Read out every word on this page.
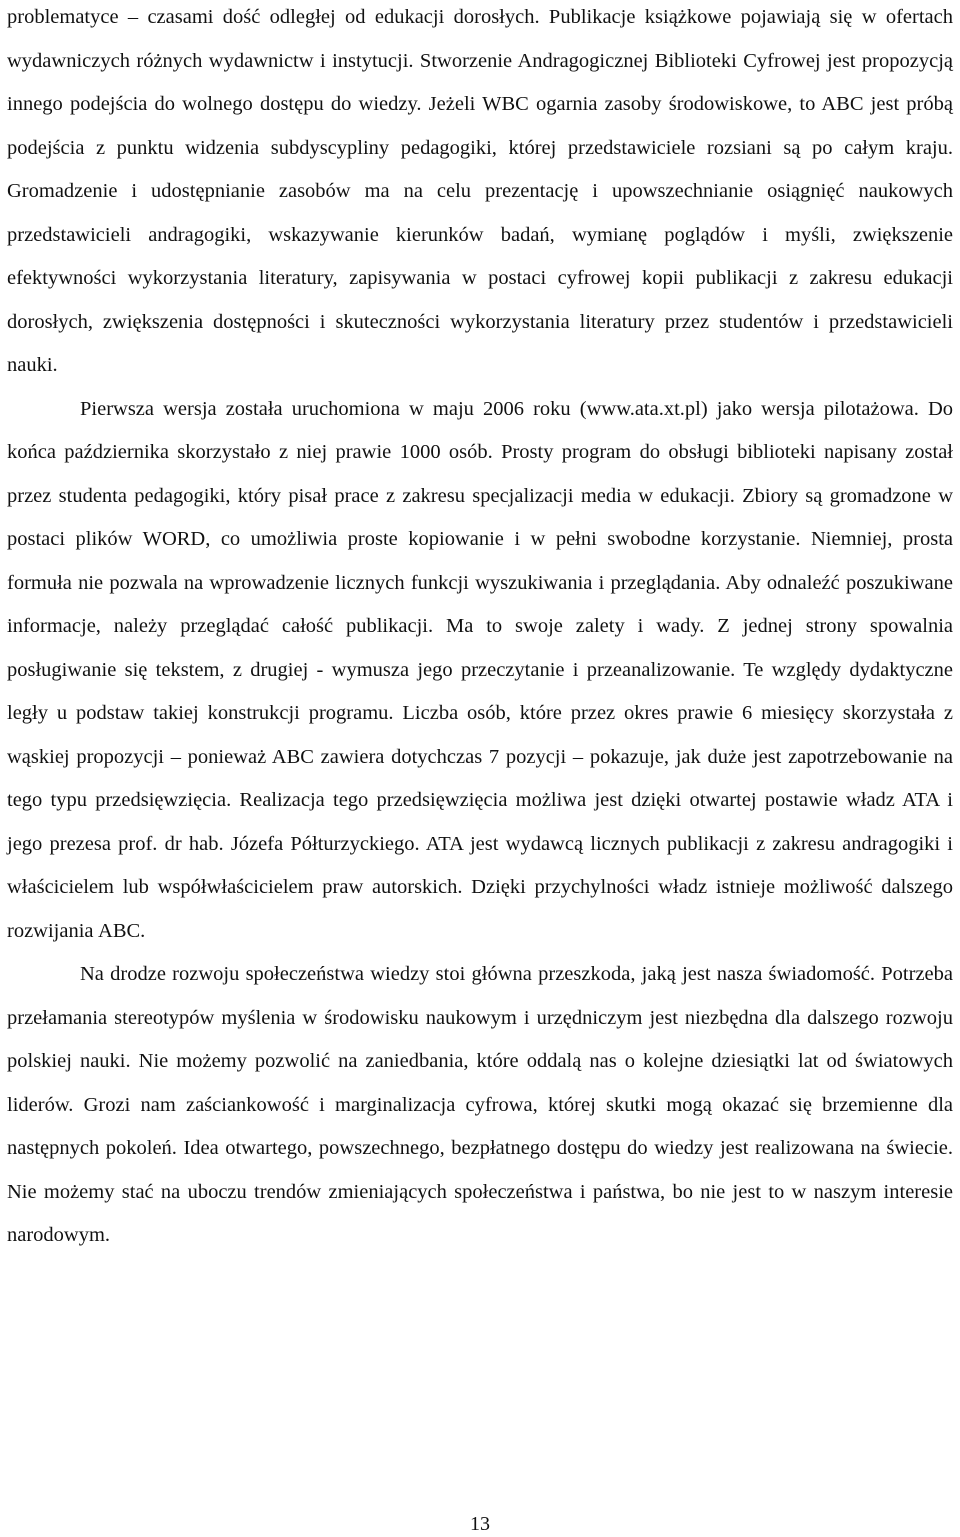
problematyce – czasami dość odległej od edukacji dorosłych. Publikacje książkowe pojawiają się w ofertach wydawniczych różnych wydawnictw i instytucji. Stworzenie Andragogicznej Biblioteki Cyfrowej jest propozycją innego podejścia do wolnego dostępu do wiedzy. Jeżeli WBC ogarnia zasoby środowiskowe, to ABC jest próbą podejścia z punktu widzenia subdyscypliny pedagogiki, której przedstawiciele rozsiani są po całym kraju. Gromadzenie i udostępnianie zasobów ma na celu prezentację i upowszechnianie osiągnięć naukowych przedstawicieli andragogiki, wskazywanie kierunków badań, wymianę poglądów i myśli, zwiększenie efektywności wykorzystania literatury, zapisywania w postaci cyfrowej kopii publikacji z zakresu edukacji dorosłych, zwiększenia dostępności i skuteczności wykorzystania literatury przez studentów i przedstawicieli nauki.

Pierwsza wersja została uruchomiona w maju 2006 roku (www.ata.xt.pl) jako wersja pilotażowa. Do końca października skorzystało z niej prawie 1000 osób. Prosty program do obsługi biblioteki napisany został przez studenta pedagogiki, który pisał prace z zakresu specjalizacji media w edukacji. Zbiory są gromadzone w postaci plików WORD, co umożliwia proste kopiowanie i w pełni swobodne korzystanie. Niemniej, prosta formuła nie pozwala na wprowadzenie licznych funkcji wyszukiwania i przeglądania. Aby odnaleźć poszukiwane informacje, należy przeglądać całość publikacji. Ma to swoje zalety i wady. Z jednej strony spowalnia posługiwanie się tekstem, z drugiej - wymusza jego przeczytanie i przeanalizowanie. Te względy dydaktyczne legły u podstaw takiej konstrukcji programu. Liczba osób, które przez okres prawie 6 miesięcy skorzystała z wąskiej propozycji – ponieważ ABC zawiera dotychczas 7 pozycji – pokazuje, jak duże jest zapotrzebowanie na tego typu przedsięwzięcia. Realizacja tego przedsięwzięcia możliwa jest dzięki otwartej postawie władz ATA i jego prezesa prof. dr hab. Józefa Półturzyckiego. ATA jest wydawcą licznych publikacji z zakresu andragogiki i właścicielem lub współwłaścicielem praw autorskich. Dzięki przychylności władz istnieje możliwość dalszego rozwijania ABC.

Na drodze rozwoju społeczeństwa wiedzy stoi główna przeszkoda, jaką jest nasza świadomość. Potrzeba przełamania stereotypów myślenia w środowisku naukowym i urzędniczym jest niezbędna dla dalszego rozwoju polskiej nauki. Nie możemy pozwolić na zaniedbania, które oddalą nas o kolejne dziesiątki lat od światowych liderów. Grozi nam zaściankowość i marginalizacja cyfrowa, której skutki mogą okazać się brzemienne dla następnych pokoleń. Idea otwartego, powszechnego, bezpłatnego dostępu do wiedzy jest realizowana na świecie. Nie możemy stać na uboczu trendów zmieniających społeczeństwa i państwa, bo nie jest to w naszym interesie narodowym.

13
